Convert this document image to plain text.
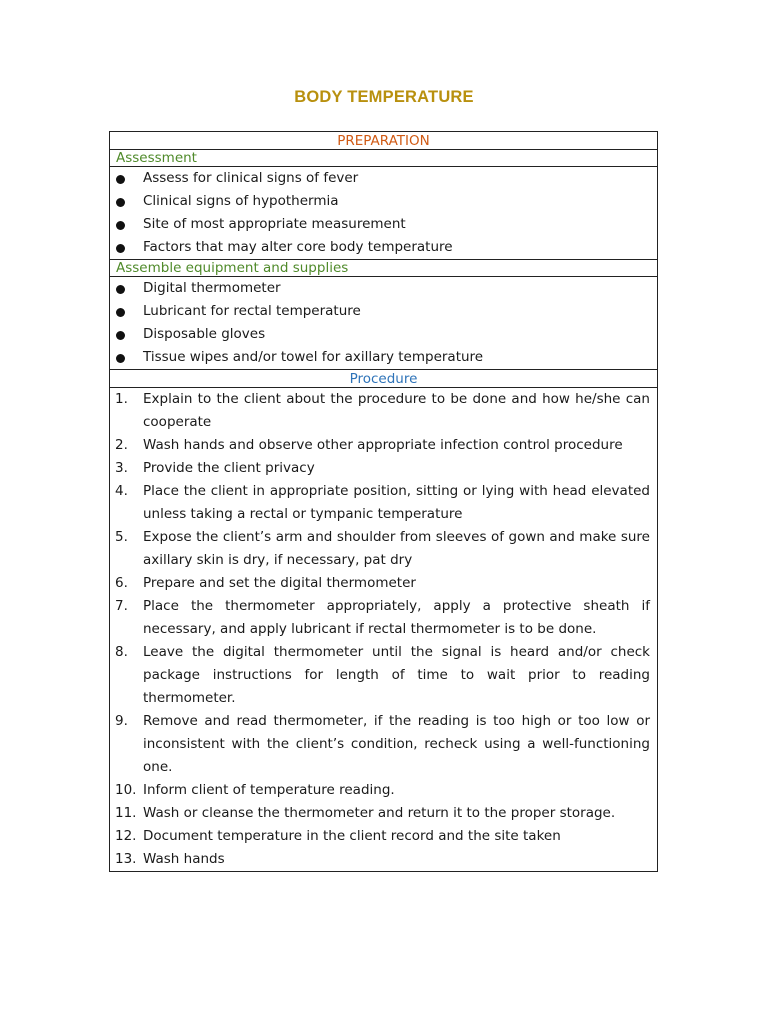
BODY TEMPERATURE
PREPARATION
Assessment
Assess for clinical signs of fever
Clinical signs of hypothermia
Site of most appropriate measurement
Factors that may alter core body temperature
Assemble equipment and supplies
Digital thermometer
Lubricant for rectal temperature
Disposable gloves
Tissue wipes and/or towel for axillary temperature
Procedure
1. Explain to the client about the procedure to be done and how he/she can cooperate
2. Wash hands and observe other appropriate infection control procedure
3. Provide the client privacy
4. Place the client in appropriate position, sitting or lying with head elevated unless taking a rectal or tympanic temperature
5. Expose the client’s arm and shoulder from sleeves of gown and make sure axillary skin is dry, if necessary, pat dry
6. Prepare and set the digital thermometer
7. Place the thermometer appropriately, apply a protective sheath if necessary, and apply lubricant if rectal thermometer is to be done.
8. Leave the digital thermometer until the signal is heard and/or check package instructions for length of time to wait prior to reading thermometer.
9. Remove and read thermometer, if the reading is too high or too low or inconsistent with the client’s condition, recheck using a well-functioning one.
10. Inform client of temperature reading.
11. Wash or cleanse the thermometer and return it to the proper storage.
12. Document temperature in the client record and the site taken
13. Wash hands
